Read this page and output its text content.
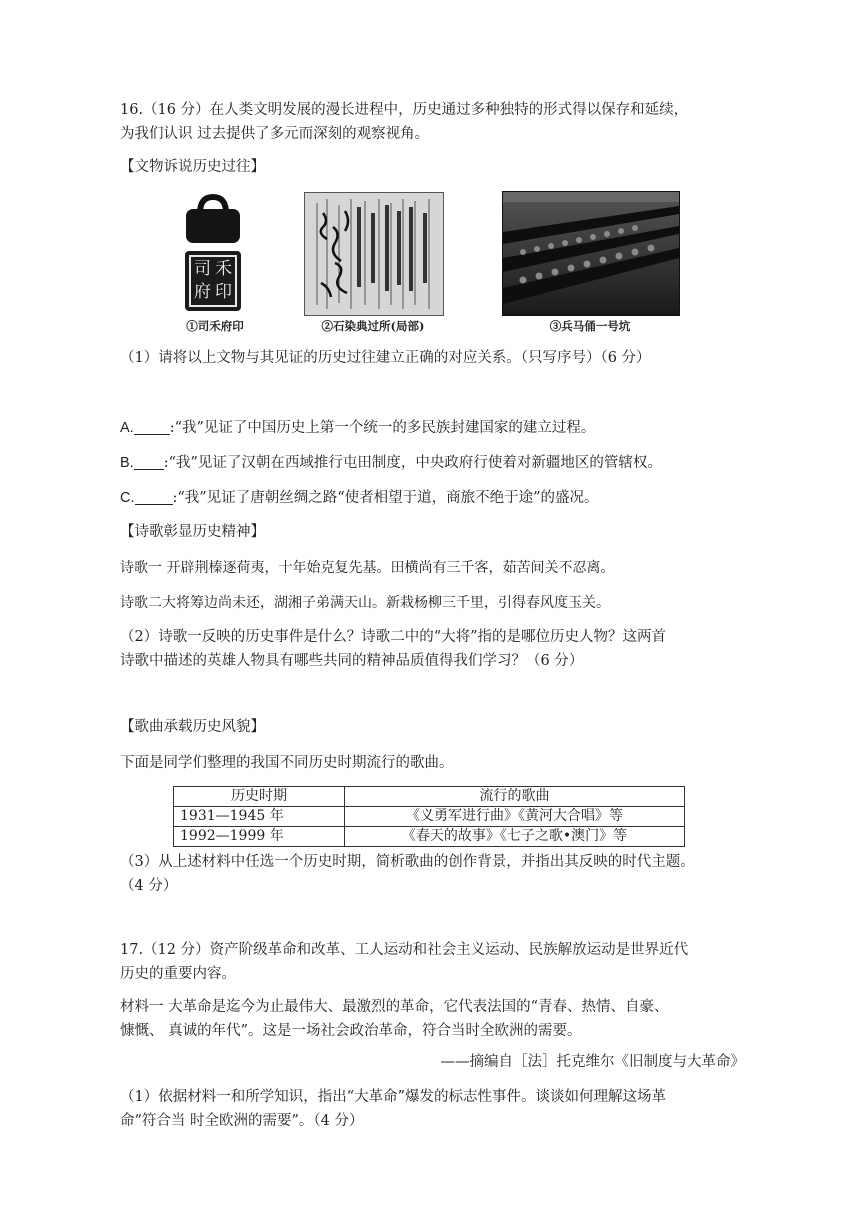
16.（16 分）在人类文明发展的漫长进程中，历史通过多种独特的形式得以保存和延续，
为我们认识 过去提供了多元而深刻的观察视角。

【文物诉说历史过往】

司 禾
府 印
①司禾府印	②石染典过所(局部)	③兵马俑一号坑

（1）请将以上文物与其见证的历史过往建立正确的对应关系。（只写序号）（6 分）

A. :“我”见证了中国历史上第一个统一的多民族封建国家的建立过程。

B. :“我”见证了汉朝在西域推行屯田制度，中央政府行使着对新疆地区的管辖权。

C.	:“我”见证了唐朝丝绸之路“使者相望于道，商旅不绝于途”的盛况。

【诗歌彰显历史精神】

诗歌一 开辟荆榛逐荷夷，十年始克复先基。田横尚有三千客，茹苦间关不忍离。

诗歌二大将筹边尚未还，湖湘子弟满天山。新栽杨柳三千里，引得春风度玉关。

（2）诗歌一反映的历史事件是什么？诗歌二中的“大将”指的是哪位历史人物？这两首
诗歌中描述的英雄人物具有哪些共同的精神品质值得我们学习？（6 分）

【歌曲承载历史风貌】

下面是同学们整理的我国不同历史时期流行的歌曲。

历史时期	流行的歌曲
1931—1945 年	《义勇军进行曲》《黄河大合唱》等
1992—1999 年	《春天的故事》《七子之歌•澳门》等

（3）从上述材料中任选一个历史时期，简析歌曲的创作背景，并指出其反映的时代主题。
（4 分）

17.（12 分）资产阶级革命和改革、工人运动和社会主义运动、民族解放运动是世界近代
历史的重要内容。

材料一 大革命是迄今为止最伟大、最激烈的革命，它代表法国的“青春、热情、自豪、
慷慨、 真诚的年代”。这是一场社会政治革命，符合当时全欧洲的需要。

——摘编自［法］托克维尔《旧制度与大革命》

（1）依据材料一和所学知识，指出“大革命”爆发的标志性事件。谈谈如何理解这场革
命“符合当 时全欧洲的需要”。（4 分）
